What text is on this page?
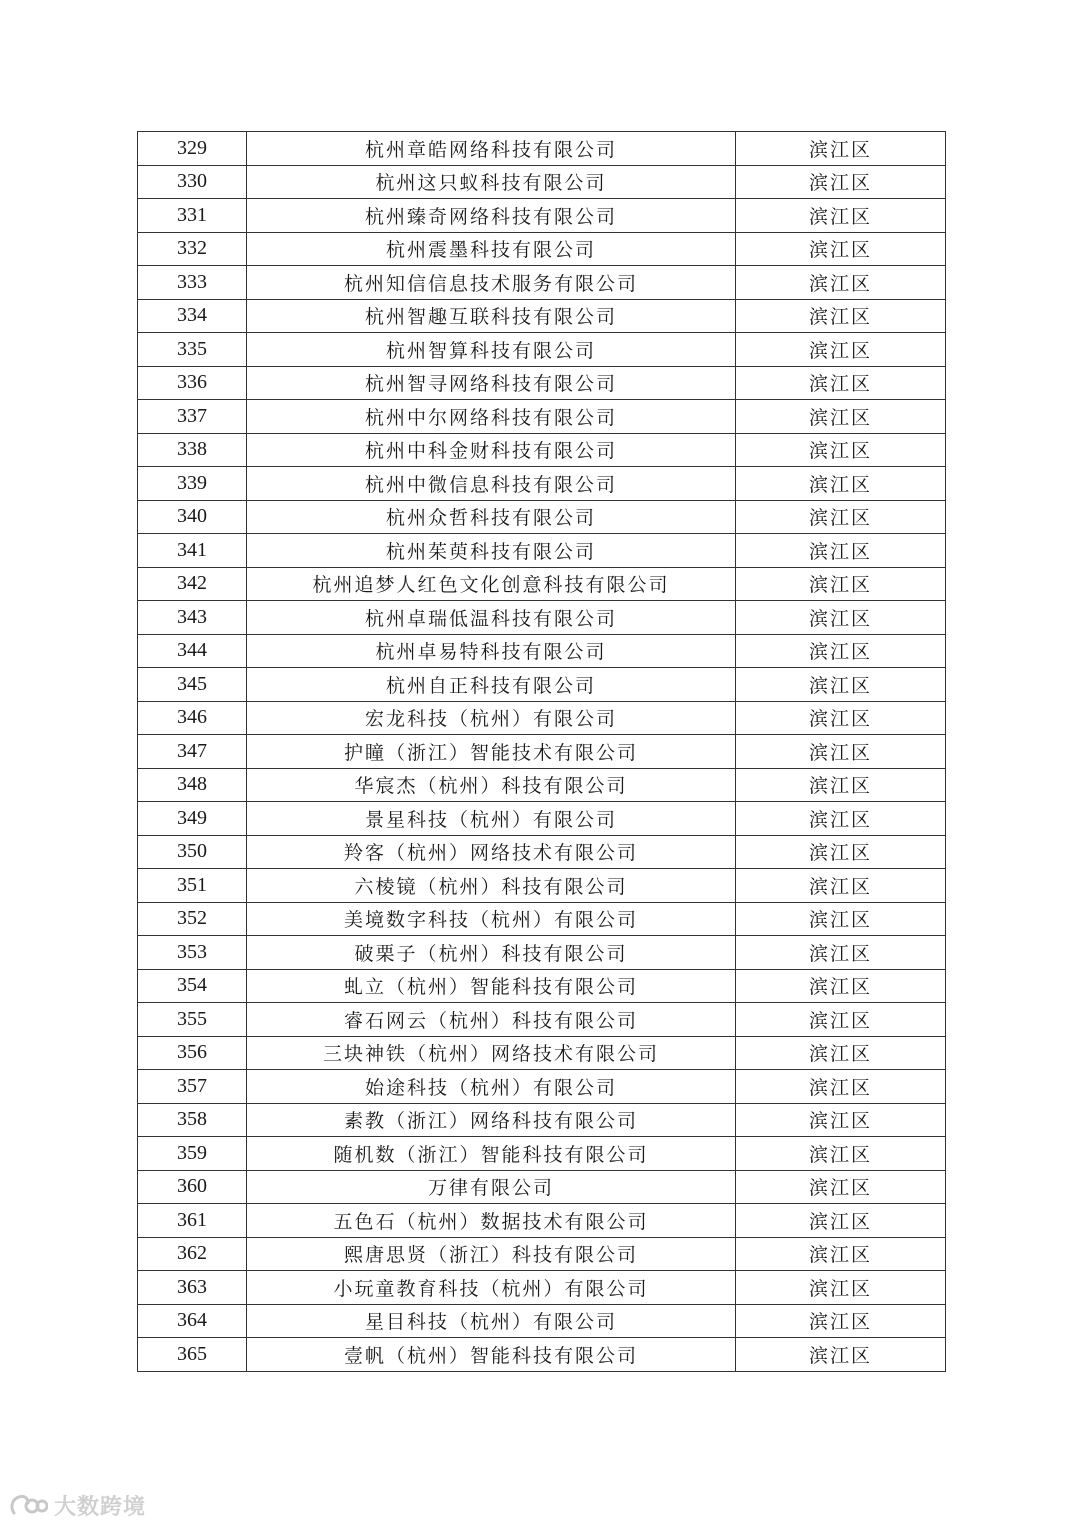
329	杭州章皓网络科技有限公司	滨江区
330	杭州这只蚁科技有限公司	滨江区
331	杭州臻奇网络科技有限公司	滨江区
332	杭州震墨科技有限公司	滨江区
333	杭州知信信息技术服务有限公司	滨江区
334	杭州智趣互联科技有限公司	滨江区
335	杭州智算科技有限公司	滨江区
336	杭州智寻网络科技有限公司	滨江区
337	杭州中尔网络科技有限公司	滨江区
338	杭州中科金财科技有限公司	滨江区
339	杭州中微信息科技有限公司	滨江区
340	杭州众哲科技有限公司	滨江区
341	杭州茱萸科技有限公司	滨江区
342	杭州追梦人红色文化创意科技有限公司	滨江区
343	杭州卓瑞低温科技有限公司	滨江区
344	杭州卓易特科技有限公司	滨江区
345	杭州自正科技有限公司	滨江区
346	宏龙科技（杭州）有限公司	滨江区
347	护瞳（浙江）智能技术有限公司	滨江区
348	华宸杰（杭州）科技有限公司	滨江区
349	景星科技（杭州）有限公司	滨江区
350	羚客（杭州）网络技术有限公司	滨江区
351	六棱镜（杭州）科技有限公司	滨江区
352	美境数字科技（杭州）有限公司	滨江区
353	破栗子（杭州）科技有限公司	滨江区
354	虬立（杭州）智能科技有限公司	滨江区
355	睿石网云（杭州）科技有限公司	滨江区
356	三块神铁（杭州）网络技术有限公司	滨江区
357	始途科技（杭州）有限公司	滨江区
358	素教（浙江）网络科技有限公司	滨江区
359	随机数（浙江）智能科技有限公司	滨江区
360	万律有限公司	滨江区
361	五色石（杭州）数据技术有限公司	滨江区
362	熙唐思贤（浙江）科技有限公司	滨江区
363	小玩童教育科技（杭州）有限公司	滨江区
364	星目科技（杭州）有限公司	滨江区
365	壹帆（杭州）智能科技有限公司	滨江区
大数跨境
